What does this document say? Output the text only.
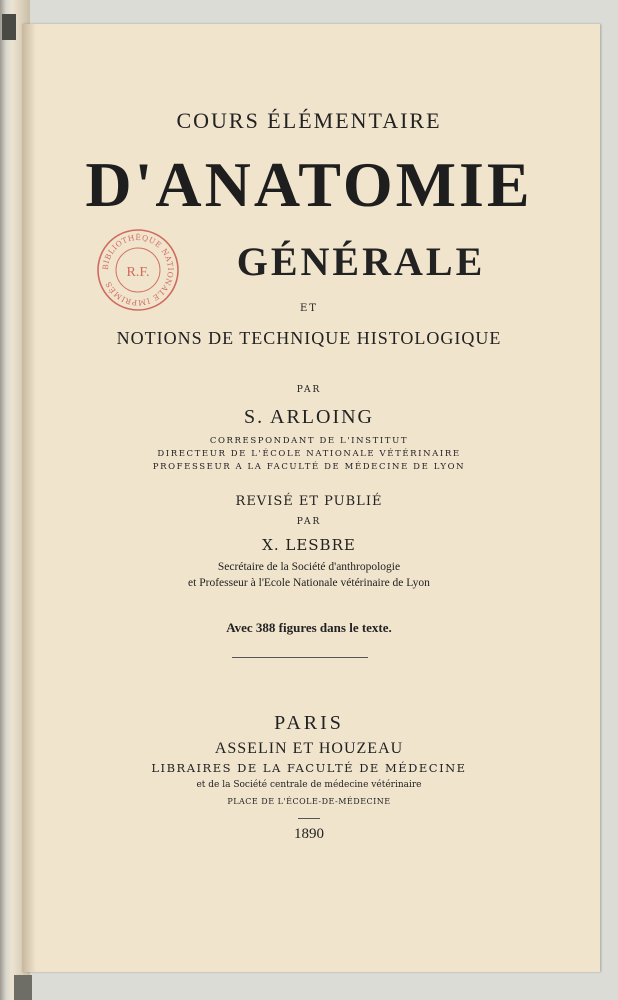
COURS ÉLÉMENTAIRE

D'ANATOMIE

GÉNÉRALE

BIBLIOTHÈQUE NATIONALE IMPRIMÉS
R.F.

ET

NOTIONS DE TECHNIQUE HISTOLOGIQUE

PAR

S. ARLOING

CORRESPONDANT DE L'INSTITUT

DIRECTEUR DE L'ÉCOLE NATIONALE VÉTÉRINAIRE

PROFESSEUR A LA FACULTÉ DE MÉDECINE DE LYON

REVISÉ ET PUBLIÉ

PAR

X. LESBRE

Secrétaire de la Société d'anthropologie

et Professeur à l'Ecole Nationale vétérinaire de Lyon

Avec 388 figures dans le texte.

PARIS

ASSELIN ET HOUZEAU

LIBRAIRES DE LA FACULTÉ DE MÉDECINE

et de la Société centrale de médecine vétérinaire

PLACE DE L'ÉCOLE-DE-MÉDECINE

1890
